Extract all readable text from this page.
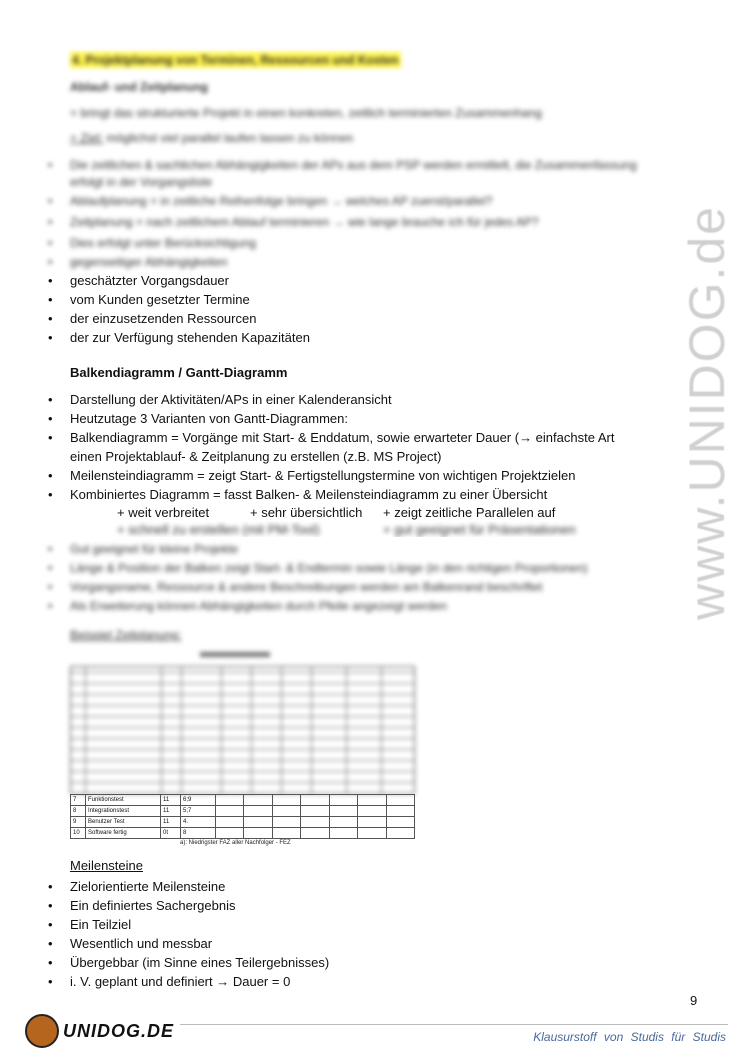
4. Projektplanung von Terminen, Ressourcen und Kosten
Ablauf- und Zeitplanung
= bringt das strukturierte Projekt in einen konkreten, zeitlich terminierten Zusammenhang
= Ziel: möglichst viel parallel laufen lassen zu können
• Die zeitlichen & sachlichen Abhängigkeiten der APs aus dem PSP werden ermittelt, die Zusammenfassung erfolgt in der Vorgangsliste
• Ablaufplanung = in zeitliche Reihenfolge bringen → welches AP zuerst/parallel?
• Zeitplanung = nach zeitlichem Ablauf terminieren → wie lange brauche ich für jedes AP?
• Dies erfolgt unter Berücksichtigung
• gegenseitiger Abhängigkeiten
• geschätzter Vorgangsdauer
• vom Kunden gesetzter Termine
• der einzusetzenden Ressourcen
• der zur Verfügung stehenden Kapazitäten
Balkendiagramm / Gantt-Diagramm
• Darstellung der Aktivitäten/APs in einer Kalenderansicht
• Heutzutage 3 Varianten von Gantt-Diagrammen:
• Balkendiagramm = Vorgänge mit Start- & Enddatum, sowie erwarteter Dauer (→ einfachste Art einen Projektablauf- & Zeitplanung zu erstellen (z.B. MS Project)
• Meilensteindiagramm = zeigt Start- & Fertigstellungstermine von wichtigen Projektzielen
• Kombiniertes Diagramm = fasst Balken- & Meilensteindiagramm zu einer Übersicht
+ weit verbreitet	+ sehr übersichtlich + zeigt zeitliche Parallelen auf
+ schnell zu erstellen (mit PM-Tool)	+ gut geeignet für Präsentationen
• Gut geeignet für kleine Projekte
• Länge & Position der Balken zeigt Start- & Endtermin sowie Länge (in den richtigen Proportionen)
• Vorgangsname, Ressource & andere Beschreibungen werden am Balkenrand beschriftet
• Als Erweiterung können Abhängigkeiten durch Pfeile angezeigt werden
Beispiel Zeitplanung:
7	Funktionstest	11	6;9							
8	Integrationstest	11	5;7							
9	Benutzer Test	11	4.							
10	Software fertig	0t	8							
a): Niedrigster FAZ aller Nachfolger - FEZ
Meilensteine
• Zielorientierte Meilensteine
• Ein definiertes Sachergebnis
• Ein Teilziel
• Wesentlich und messbar
• Übergebbar (im Sinne eines Teilergebnisses)
• i. V. geplant und definiert → Dauer = 0
www.UNIDOG.de
9
UNIDOG.DE	Klausurstoff von Studis für Studis
